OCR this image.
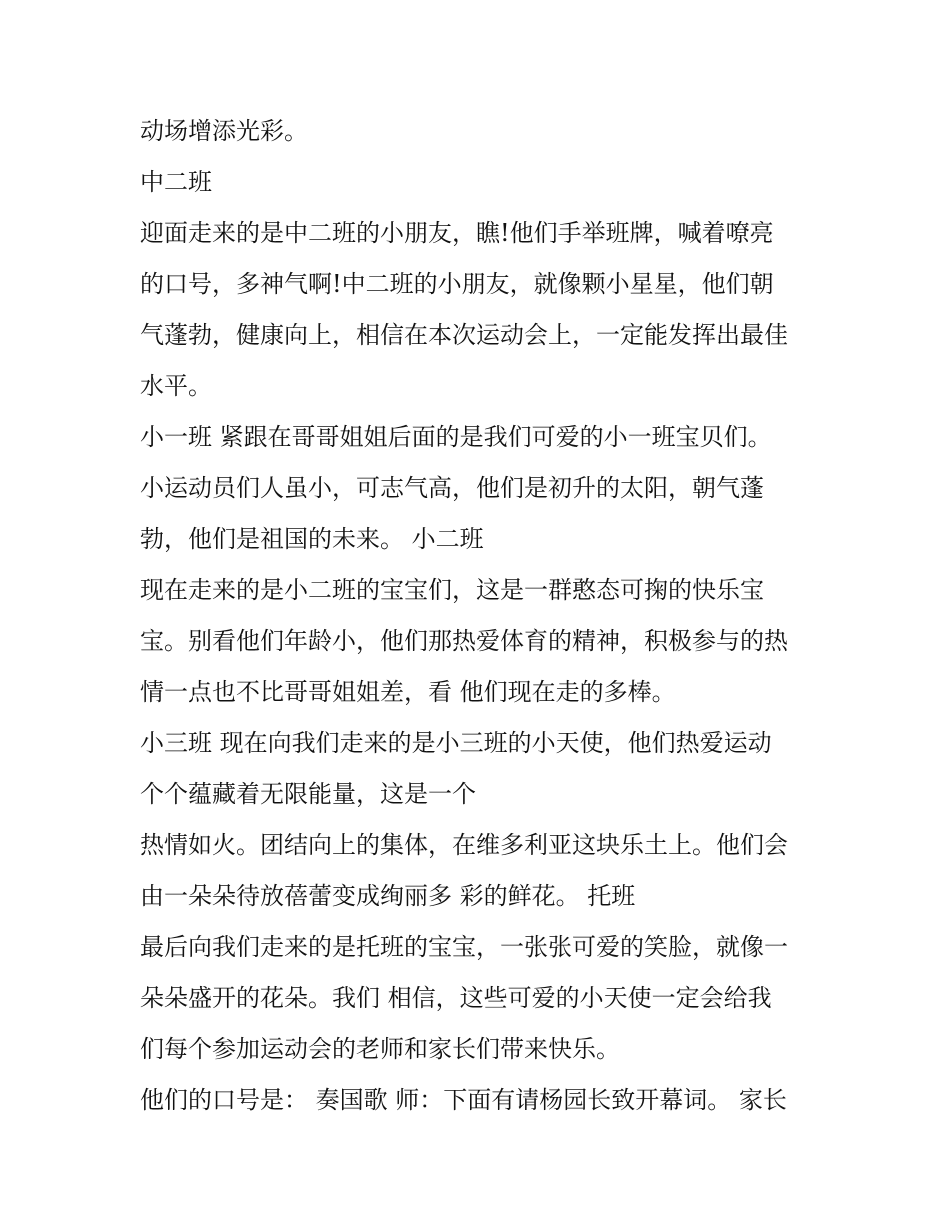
动场增添光彩。
中二班
迎面走来的是中二班的小朋友，瞧!他们手举班牌，喊着嘹亮
的口号，多神气啊!中二班的小朋友，就像颗小星星，他们朝
气蓬勃，健康向上，相信在本次运动会上，一定能发挥出最佳
水平。
小一班 紧跟在哥哥姐姐后面的是我们可爱的小一班宝贝们。
小运动员们人虽小，可志气高，他们是初升的太阳，朝气蓬
勃，他们是祖国的未来。 小二班
现在走来的是小二班的宝宝们，这是一群憨态可掬的快乐宝
宝。别看他们年龄小，他们那热爱体育的精神，积极参与的热
情一点也不比哥哥姐姐差，看 他们现在走的多棒。
小三班 现在向我们走来的是小三班的小天使，他们热爱运动
个个蕴藏着无限能量，这是一个
热情如火。团结向上的集体，在维多利亚这块乐土上。他们会
由一朵朵待放蓓蕾变成绚丽多 彩的鲜花。 托班
最后向我们走来的是托班的宝宝，一张张可爱的笑脸，就像一
朵朵盛开的花朵。我们 相信，这些可爱的小天使一定会给我
们每个参加运动会的老师和家长们带来快乐。
他们的口号是： 奏国歌 师：下面有请杨园长致开幕词。 家长
